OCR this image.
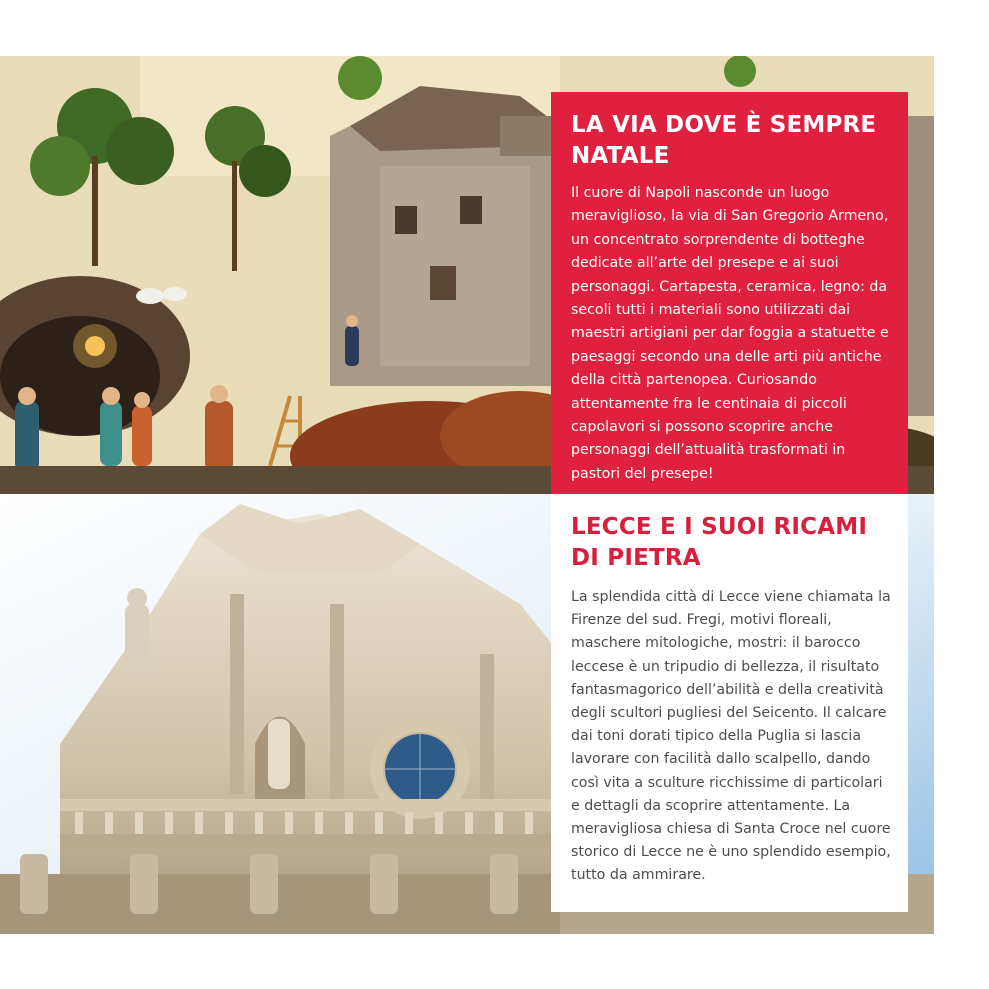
LA VIA DOVE È SEMPRE NATALE

Il cuore di Napoli nasconde un luogo meraviglioso, la via di San Gregorio Armeno, un concentrato sorprendente di botteghe dedicate all’arte del presepe e ai suoi personaggi. Cartapesta, ceramica, legno: da secoli tutti i materiali sono utilizzati dai maestri artigiani per dar foggia a statuette e paesaggi secondo una delle arti più antiche della città partenopea. Curiosando attentamente fra le centinaia di piccoli capolavori si possono scoprire anche personaggi dell’attualità trasformati in pastori del presepe!

LECCE E I SUOI RICAMI DI PIETRA

La splendida città di Lecce viene chiamata la Firenze del sud. Fregi, motivi floreali, maschere mitologiche, mostri: il barocco leccese è un tripudio di bellezza, il risultato fantasmagorico dell’abilità e della creatività degli scultori pugliesi del Seicento. Il calcare dai toni dorati tipico della Puglia si lascia lavorare con facilità dallo scalpello, dando così vita a sculture ricchissime di particolari e dettagli da scoprire attentamente. La meravigliosa chiesa di Santa Croce nel cuore storico di Lecce ne è uno splendido esempio, tutto da ammirare.
